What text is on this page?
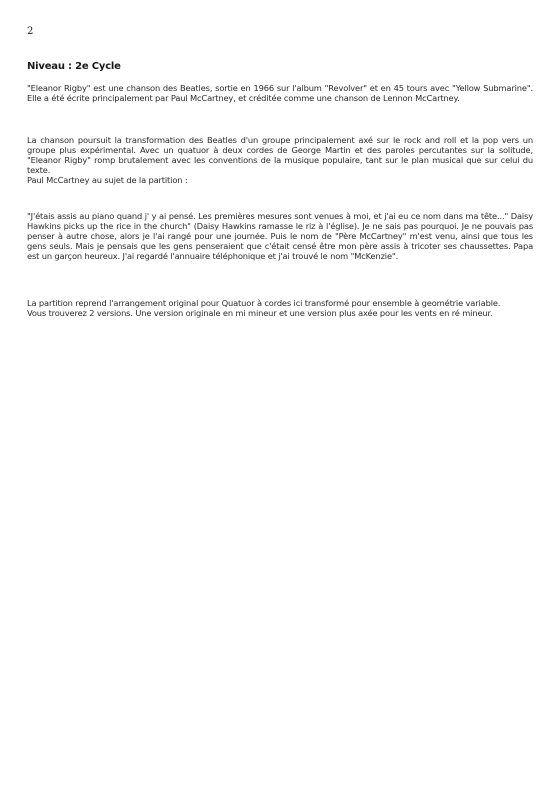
2
Niveau : 2e Cycle

"Eleanor Rigby" est une chanson des Beatles, sortie en 1966 sur l'album "Revolver" et en 45 tours avec "Yellow Submarine". Elle a été écrite principalement par Paul McCartney, et créditée comme une chanson de Lennon McCartney.

La chanson poursuit la transformation des Beatles d'un groupe principalement axé sur le rock and roll et la pop vers un groupe plus expérimental. Avec un quatuor à deux cordes de George Martin et des paroles percutantes sur la solitude, "Eleanor Rigby" romp brutalement avec les conventions de la musique populaire, tant sur le plan musical que sur celui du texte.

Paul McCartney au sujet de la partition :

"J'étais assis au piano quand j' y ai pensé. Les premières mesures sont venues à moi, et j'ai eu ce nom dans ma tête..." Daisy Hawkins picks up the rice in the church" (Daisy Hawkins ramasse le riz à l'église). Je ne sais pas pourquoi. Je ne pouvais pas penser à autre chose, alors je l'ai rangé pour une journée. Puis le nom de "Père McCartney" m'est venu, ainsi que tous les gens seuls. Mais je pensais que les gens penseraient que c'était censé être mon père assis à tricoter ses chaussettes. Papa est un garçon heureux. J'ai regardé l'annuaire téléphonique et j'ai trouvé le nom "McKenzie".

La partition reprend l'arrangement original pour Quatuor à cordes ici transformé pour ensemble à geométrie variable.

Vous trouverez 2 versions. Une version originale en mi mineur et une version plus axée pour les vents en ré mineur.
